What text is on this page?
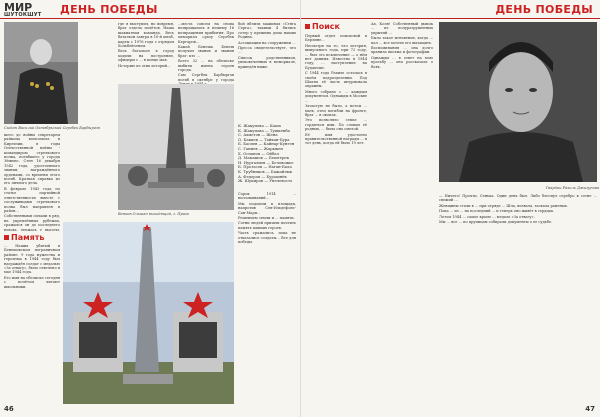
МИР
ШУТОКШУТ ДЕНЬ ПОБЕДЫ
Сидит Василий Октябрьский Сергбек Барбыргов

шего до войны секретарем райкома комсомола в Киргизии, в годы Отечественной войны - командиром стрелкового полка, погибшего у города Зёмюнс. Стен 16 декабря 1942 года, удостоенного звания, награждённого орденами, со времени этого погиб. Краткая справка из его личного дела.

В феврале 1943 года по статье партийной ответственности вместе с сослуживцами стрелкового полка был направлен в район...

Собственными силами в ряд, на укреплённых рубежах, сражался он до последнего вздоха, держась у высоты,

Память

... Наших убитый в Бенешовском пограничном районе. 9 года мужества и героизма в 1944 году был награждён солдат с медалью «За отвагу», было отвечено в мае 1944 года.

Его имя на обелиске сегодня с почётом читают школьники.

где я выступил, но вовремя, брат отдела полётов. Наша шахматная команда. Весь батальон завтра в 10-й штаб, карты с 1976 года с отрядом Хольбейзеном.

Весь батальон в город ходили на построение, офицеры с ... в конце мая.

Историю из этих историй...

...места совсем на снова возвращались в пешему 16 возвращения прибытия. Про мемориал сразу Сергбек Кергаров...

Какой Бенеша Бенеш получил звание и звания брат: кто ...

Всего 32 ... на обелиске выбиты имена героев города.

Сам Сергбек Барбыргов погиб в октябре у города

бой вблизи машинах «Стяга Серга», такими 4 бились сотер у прежних дома наших Родина.

Ассоциации на сооружении ...

Пресса свидетельствует, что ...

Список родственников, увековеченных в мемориале, приведён ниже.

К. Жакупова — Каша
К. Жакупова — Тушкенба
С. Ахметов — Жена
О. Бакиев — Тайкан-Бура
Б. Басиев — Кайнар-Кунген
С. Ганиев — Жарыкен
Х. Оспанов — Ойбал
Д. Мамашов — Бештерек
Н. Нургалиев — Беловожье
Б. Протасов — Наган-Бала
К. Трубников — Бажайлык
А. Федоров — Бурошнёк
Ж. Шукиров — Унелевосто

Сорок 1914 ... воспоминаний...

Мы подошли к площади, напротив Сен-Ильдефонс-Сан-Мари...

Решением земли и ... памяти.

Сотни людей пришли почтить память павших героев.

Часть сражались, пока не отказались солдаты... Все для победы.

Венков Ольшан выходящий, г. Прага
46
ДЕНЬ ПОБЕДЫ
Поиск

Первый отдел поисковой в Берлине...

Несмотря на то, что история, выпускного года, при 72 году, ... был это исключение — о нём нет данных. Известно в 1944 году, ... наступление на Будапешт.

С 1944 года Рахиль осталась в своём подразделении. Под Шахты её часть штурмовала окраины.

Много собрано с ... каждым документом. Однажды в Москве ...

Зачастую не было, а потом ... мать, отец погибли на фронте, брат ... в окопах.

Это позволяло семье ... гордиться ими. По словам её родных, ... была она смелой.

Её имя удостоено правительственной награды ... в тот день, когда ей было 19 лет.

Ах, Коля! Собственный дымок ... из полуразрушенных укрытий ...

Было такое мгновение, когда ... пал ... все хотели его вытащить.

Воспоминания ... она долго хранила письма и фотографии.

Однажды ... в ответ на мою просьбу ... она рассказала о боях.

Гвардии Рахиль Джигунова

— Ничего! Прочти, Сенька. Один день был. Либо блеснул серебро в сотне ... свежий ...

Женщины стали в ... при отряде ... Шла, воевала, таскала раненых.

Пока ... из ... на последний ... и теперь оно живёт в сердцах.

Летом 1944 ... самое кроме ... медаль «За отвагу».

Мы ... все ... по крупицам собирали документы о ее судьбе.

47
